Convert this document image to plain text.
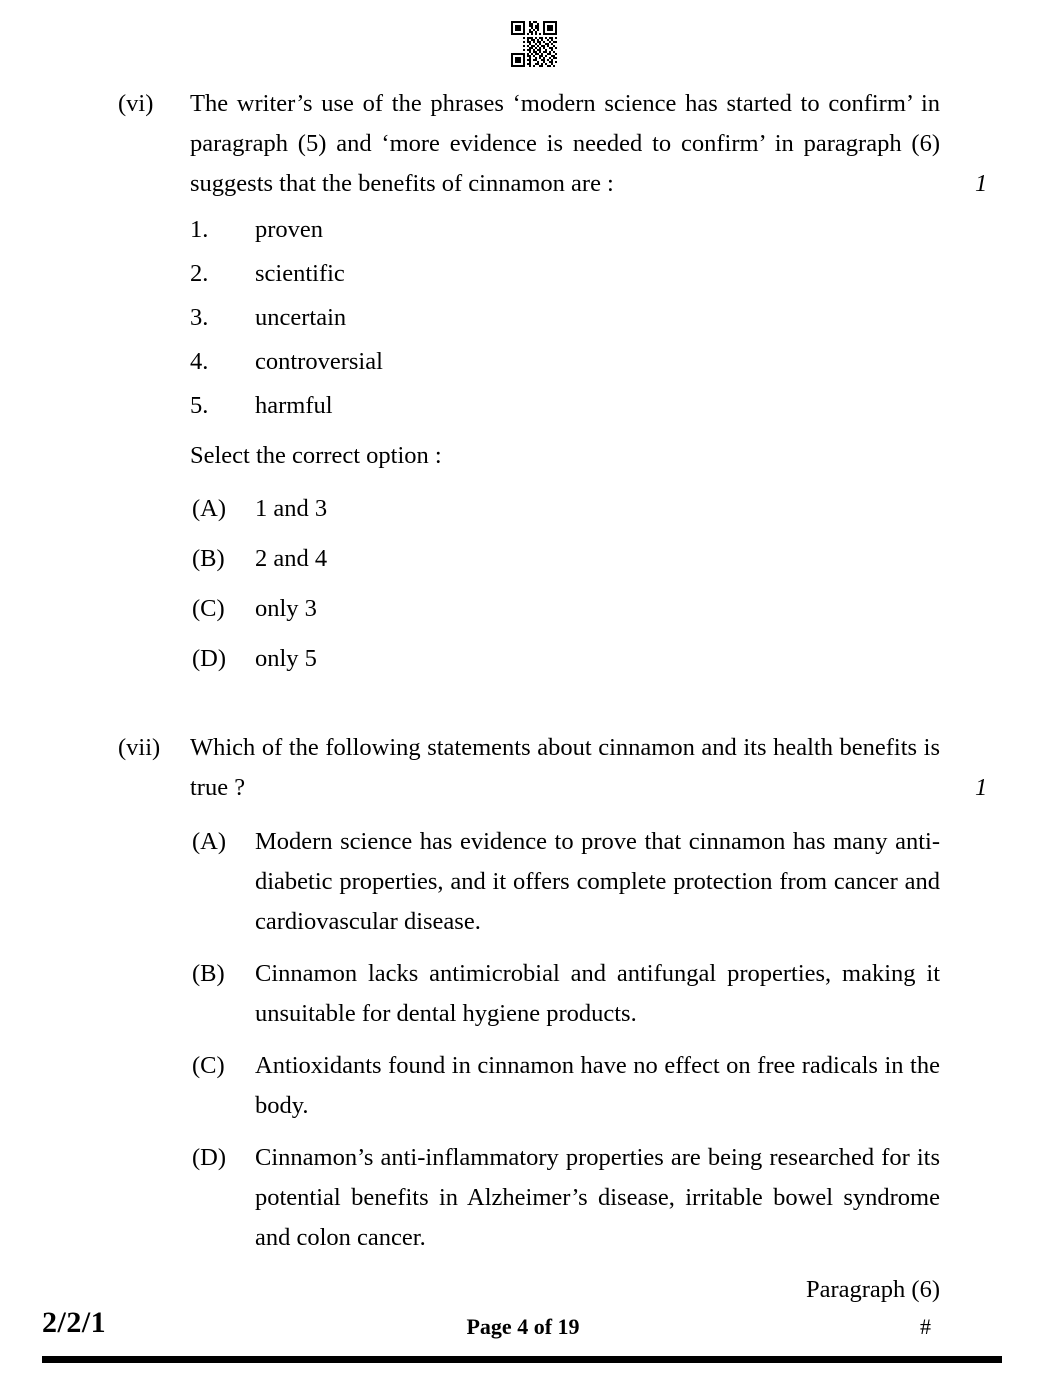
(vi)	The writer’s use of the phrases ‘modern science has started to confirm’ in paragraph (5) and ‘more evidence is needed to confirm’ in paragraph (6) suggests that the benefits of cinnamon are :	1
1.	proven
2.	scientific
3.	uncertain
4.	controversial
5.	harmful
Select the correct option :
(A)	1 and 3
(B)	2 and 4
(C)	only 3
(D)	only 5
(vii)	Which of the following statements about cinnamon and its health benefits is true ?	1
(A)	Modern science has evidence to prove that cinnamon has many anti-diabetic properties, and it offers complete protection from cancer and cardiovascular disease.
(B)	Cinnamon lacks antimicrobial and antifungal properties, making it unsuitable for dental hygiene products.
(C)	Antioxidants found in cinnamon have no effect on free radicals in the body.
(D)	Cinnamon’s anti-inflammatory properties are being researched for its potential benefits in Alzheimer’s disease, irritable bowel syndrome and colon cancer.
Paragraph (6)
2/2/1	Page 4 of 19	#
